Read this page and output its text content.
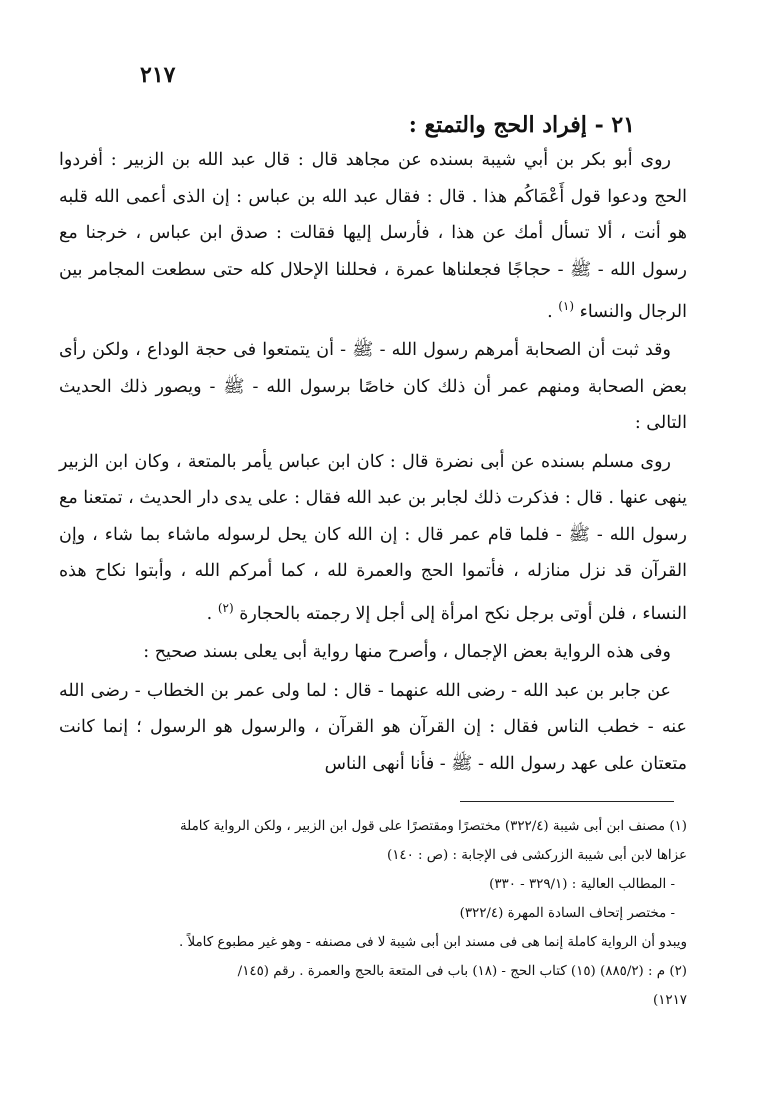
٢١٧
٢١ - إفراد الحج والتمتع :

روى أبو بكر بن أبي شيبة بسنده عن مجاهد قال : قال عبد الله بن الزبير : أفردوا الحج ودعوا قول أَعْمَاكُم هذا . قال : فقال عبد الله بن عباس : إن الذى أعمى الله قلبه هو أنت ، ألا تسأل أمك عن هذا ، فأرسل إليها فقالت : صدق ابن عباس ، خرجنا مع رسول الله - ﷺ - حجاجًا فجعلناها عمرة ، فحللنا الإحلال كله حتى سطعت المجامر بين الرجال والنساء $^{(١)}$ .

وقد ثبت أن الصحابة أمرهم رسول الله - ﷺ - أن يتمتعوا فى حجة الوداع ، ولكن رأى بعض الصحابة ومنهم عمر أن ذلك كان خاصًا برسول الله - ﷺ - ويصور ذلك الحديث التالى :

روى مسلم بسنده عن أبى نضرة قال : كان ابن عباس يأمر بالمتعة ، وكان ابن الزبير ينهى عنها . قال : فذكرت ذلك لجابر بن عبد الله فقال : على يدى دار الحديث ، تمتعنا مع رسول الله - ﷺ - فلما قام عمر قال : إن الله كان يحل لرسوله ماشاء بما شاء ، وإن القرآن قد نزل منازله ، فأتموا الحج والعمرة لله ، كما أمركم الله ، وأبتوا نكاح هذه النساء ، فلن أوتى برجل نكح امرأة إلى أجل إلا رجمته بالحجارة $^{(٢)}$ .

وفى هذه الرواية بعض الإجمال ، وأصرح منها رواية أبى يعلى بسند صحيح :

عن جابر بن عبد الله - رضى الله عنهما - قال : لما ولى عمر بن الخطاب - رضى الله عنه - خطب الناس فقال : إن القرآن هو القرآن ، والرسول هو الرسول ؛ إنما كانت متعتان على عهد رسول الله - ﷺ - فأنا أنهى الناس

(١) مصنف ابن أبى شيبة (٣٢٢/٤) مختصرًا ومقتصرًا على قول ابن الزبير ، ولكن الرواية كاملة
عزاها لابن أبى شيبة الزركشى فى الإجابة : (ص : ١٤٠)
- المطالب العالية : (٣٢٩/١ - ٣٣٠)
- مختصر إتحاف السادة المهرة (٣٢٢/٤)
ويبدو أن الرواية كاملة إنما هى فى مسند ابن أبى شيبة لا فى مصنفه - وهو غير مطبوع كاملاً .
(٢) م : (٨٨٥/٢) (١٥) كتاب الحج - (١٨) باب فى المتعة بالحج والعمرة . رقم (١٤٥/
١٢١٧)
